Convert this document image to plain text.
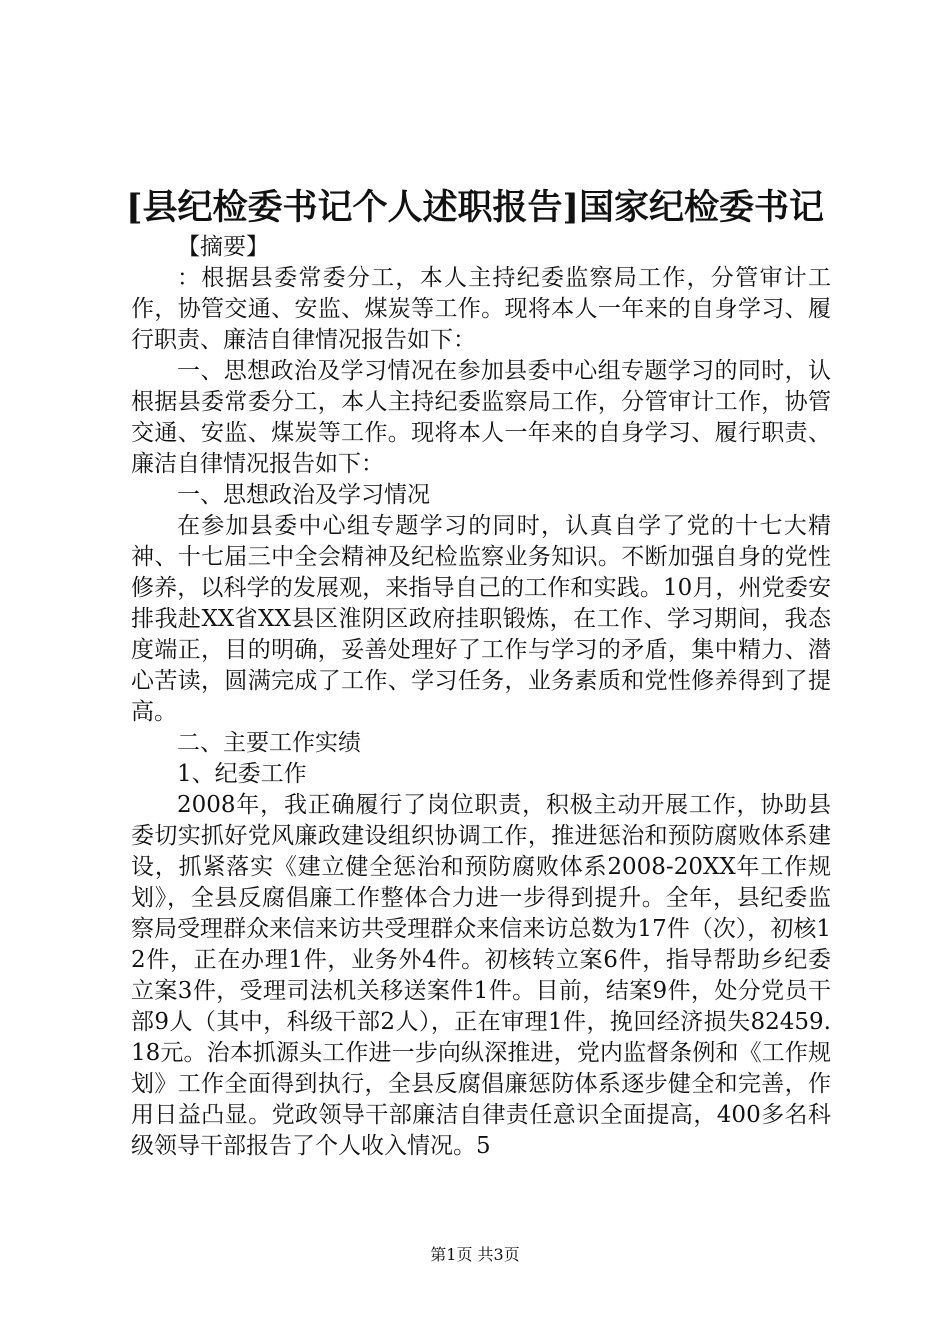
[县纪检委书记个人述职报告]国家纪检委书记

【摘要】

：根据县委常委分工，本人主持纪委监察局工作，分管审计工作，协管交通、安监、煤炭等工作。现将本人一年来的自身学习、履行职责、廉洁自律情况报告如下：

一、思想政治及学习情况在参加县委中心组专题学习的同时，认根据县委常委分工，本人主持纪委监察局工作，分管审计工作，协管交通、安监、煤炭等工作。现将本人一年来的自身学习、履行职责、廉洁自律情况报告如下：

一、思想政治及学习情况

在参加县委中心组专题学习的同时，认真自学了党的十七大精神、十七届三中全会精神及纪检监察业务知识。不断加强自身的党性修养，以科学的发展观，来指导自己的工作和实践。10月，州党委安排我赴XX省XX县区淮阴区政府挂职锻炼，在工作、学习期间，我态度端正，目的明确，妥善处理好了工作与学习的矛盾，集中精力、潜心苦读，圆满完成了工作、学习任务，业务素质和党性修养得到了提高。

二、主要工作实绩

1、纪委工作

2008年，我正确履行了岗位职责，积极主动开展工作，协助县委切实抓好党风廉政建设组织协调工作，推进惩治和预防腐败体系建设，抓紧落实《建立健全惩治和预防腐败体系2008-20XX年工作规划》，全县反腐倡廉工作整体合力进一步得到提升。全年，县纪委监察局受理群众来信来访共受理群众来信来访总数为17件（次），初核12件，正在办理1件，业务外4件。初核转立案6件，指导帮助乡纪委立案3件，受理司法机关移送案件1件。目前，结案9件，处分党员干部9人（其中，科级干部2人），正在审理1件，挽回经济损失82459.18元。治本抓源头工作进一步向纵深推进，党内监督条例和《工作规划》工作全面得到执行，全县反腐倡廉惩防体系逐步健全和完善，作用日益凸显。党政领导干部廉洁自律责任意识全面提高，400多名科级领导干部报告了个人收入情况。5

第1页 共3页
